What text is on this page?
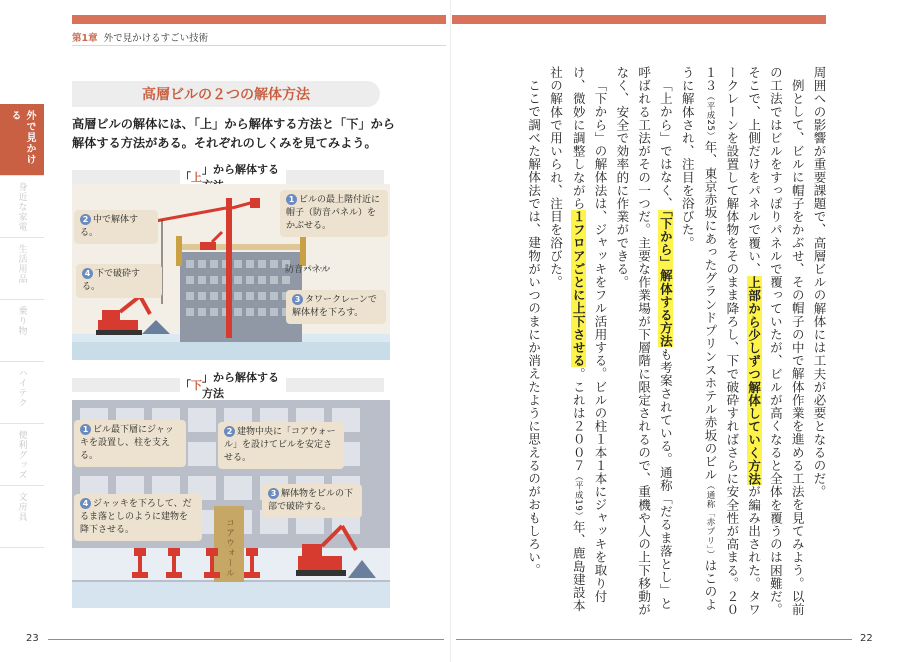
第1章 外で見かけるすごい技術
外で見かける
身近な家電
生活用品
乗り物
ハイテク
便利グッズ
文房具
高層ビルの２つの解体方法
高層ビルの解体には、「上」から解体する方法と「下」から解体する方法がある。それぞれのしくみを見てみよう。
「 上
」から解体する
1 ビルの最上階付近に帽子（防音パネル）をかぶせる。
2 中で解体する。
防音パネル
3 タワークレーンで解体材を下ろす。
4 下で破砕する。
「 下
」から解体する方法
1 ビル最下層にジャッキを設置し、柱を支える。
2 建物中央に「コアウォール」を設けてビルを安定させる。
4 ジャッキを下ろして、だるま落としのように建物を降下させる。
3 解体物をビルの下部で破砕する。
コアウォール
23	22

周囲への影響が重要課題で、高層ビルの解体には工夫が必要となるのだ。

例として、ビルに帽子をかぶせ、その帽子の中で解体作業を進める工法を見てみよう。以前の工法ではビルをすっぽりパネルで覆っていたが、ビルが高くなると全体を覆うのは困難だ。そこで、上側だけをパネルで覆い、上部から少しずつ解体していく方法が編み出された。タワークレーンを設置して解体物をそのまま降ろし、下で破砕すればさらに安全性が高まる。２０１３（平成25）年、東京赤坂にあったグランドプリンスホテル赤坂のビル（通称「赤プリ」）はこのように解体され、注目を浴びた。

「上から」ではなく、「下から」解体する方法も考案されている。通称「だるま落とし」と呼ばれる工法がその一つだ。主要な作業場が下層階に限定されるので、重機や人の上下移動がなく、安全で効率的に作業ができる。

「下から」の解体法は、ジャッキをフル活用する。ビルの柱１本１本にジャッキを取り付け、微妙に調整しながら１フロアごとに上下させる。これは２００７（平成19）年、鹿島建設本社の解体で用いられ、注目を浴びた。

ここで調べた解体法では、建物がいつのまにか消えたように思えるのがおもしろい。
